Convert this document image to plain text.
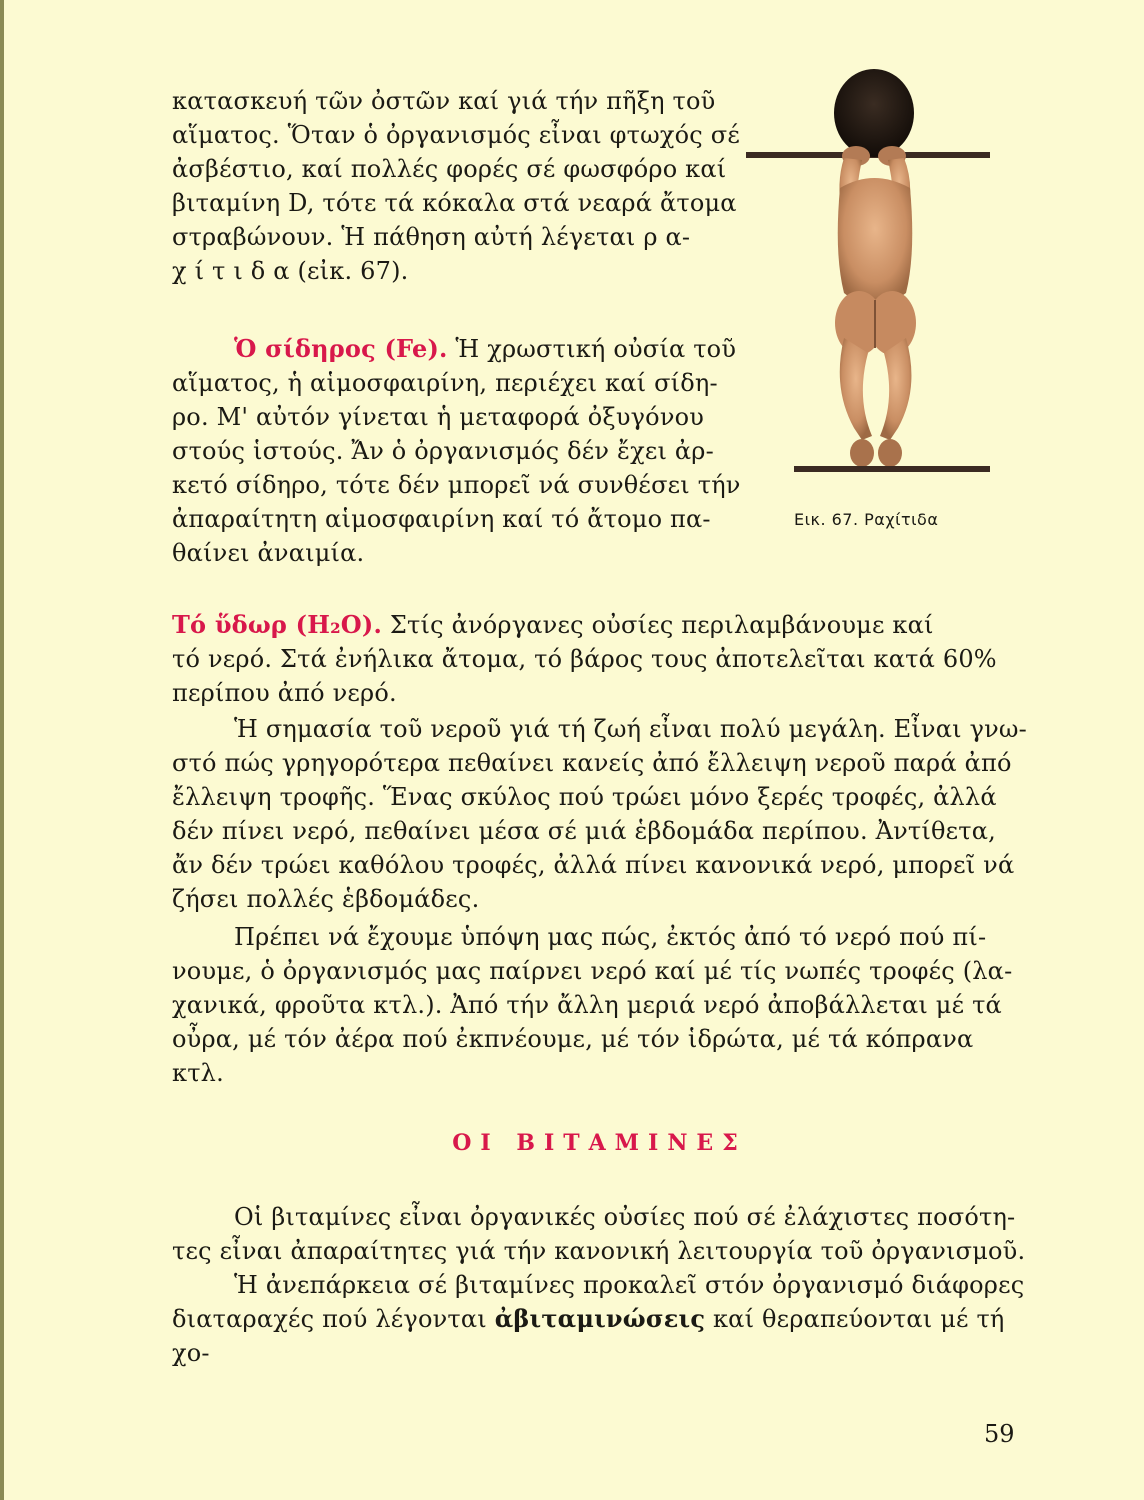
κατασκευή τῶν ὀστῶν καί γιά τήν πῆξη τοῦ
αἵματος. Ὅταν ὁ ὀργανισμός εἶναι φτωχός σέ
ἀσβέστιο, καί πολλές φορές σέ φωσφόρο καί
βιταμίνη D, τότε τά κόκαλα στά νεαρά ἄτομα
στραβώνουν. Ἡ πάθηση αὐτή λέγεται ρ α-
χ ί τ ι δ α (εἰκ. 67).

Ὁ σίδηρος (Fe). Ἡ χρωστική οὐσία τοῦ
αἵματος, ἡ αἱμοσφαιρίνη, περιέχει καί σίδη-
ρο. Μ' αὐτόν γίνεται ἡ μεταφορά ὀξυγόνου
στούς ἱστούς. Ἄν ὁ ὀργανισμός δέν ἔχει ἀρ-
κετό σίδηρο, τότε δέν μπορεῖ νά συνθέσει τήν
ἀπαραίτητη αἱμοσφαιρίνη καί τό ἄτομο πα-
θαίνει ἀναιμία.

Εικ. 67. Ραχίτιδα

Τό ὕδωρ (H₂O). Στίς ἀνόργανες οὐσίες περιλαμβάνουμε καί
τό νερό. Στά ἐνήλικα ἄτομα, τό βάρος τους ἀποτελεῖται κατά 60%
περίπου ἀπό νερό.

Ἡ σημασία τοῦ νεροῦ γιά τή ζωή εἶναι πολύ μεγάλη. Εἶναι γνω-
στό πώς γρηγορότερα πεθαίνει κανείς ἀπό ἔλλειψη νεροῦ παρά ἀπό
ἔλλειψη τροφῆς. Ἕνας σκύλος πού τρώει μόνο ξερές τροφές, ἀλλά
δέν πίνει νερό, πεθαίνει μέσα σέ μιά ἑβδομάδα περίπου. Ἀντίθετα,
ἄν δέν τρώει καθόλου τροφές, ἀλλά πίνει κανονικά νερό, μπορεῖ νά
ζήσει πολλές ἑβδομάδες.

Πρέπει νά ἔχουμε ὑπόψη μας πώς, ἐκτός ἀπό τό νερό πού πί-
νουμε, ὁ ὀργανισμός μας παίρνει νερό καί μέ τίς νωπές τροφές (λα-
χανικά, φροῦτα κτλ.). Ἀπό τήν ἄλλη μεριά νερό ἀποβάλλεται μέ τά
οὖρα, μέ τόν ἀέρα πού ἐκπνέουμε, μέ τόν ἱδρώτα, μέ τά κόπρανα κτλ.

ΟΙ ΒΙΤΑΜΙΝΕΣ

Οἱ βιταμίνες εἶναι ὀργανικές οὐσίες πού σέ ἐλάχιστες ποσότη-
τες εἶναι ἀπαραίτητες γιά τήν κανονική λειτουργία τοῦ ὀργανισμοῦ.

Ἡ ἀνεπάρκεια σέ βιταμίνες προκαλεῖ στόν ὀργανισμό διάφορες
διαταραχές πού λέγονται ἀβιταμινώσεις καί θεραπεύονται μέ τή χο-

59
